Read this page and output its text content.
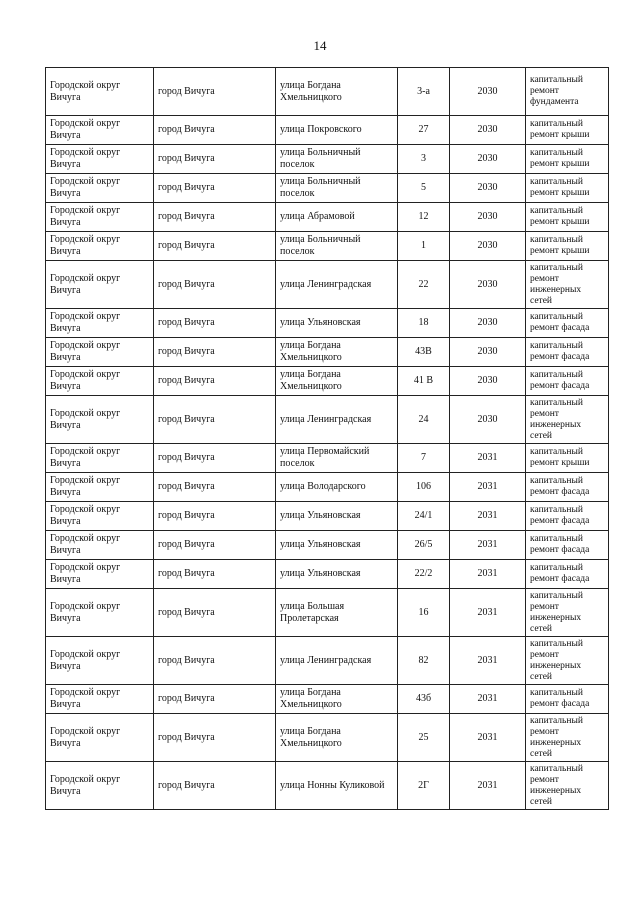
14
Городской округ Вичуга	город Вичуга	улица Богдана Хмельницкого	3-а	2030	капитальный ремонт фундамента
Городской округ Вичуга	город Вичуга	улица Покровского	27	2030	капитальный ремонт крыши
Городской округ Вичуга	город Вичуга	улица Больничный поселок	3	2030	капитальный ремонт крыши
Городской округ Вичуга	город Вичуга	улица Больничный поселок	5	2030	капитальный ремонт крыши
Городской округ Вичуга	город Вичуга	улица Абрамовой	12	2030	капитальный ремонт крыши
Городской округ Вичуга	город Вичуга	улица Больничный поселок	1	2030	капитальный ремонт крыши
Городской округ Вичуга	город Вичуга	улица Ленинградская	22	2030	капитальный ремонт инженерных сетей
Городской округ Вичуга	город Вичуга	улица Ульяновская	18	2030	капитальный ремонт фасада
Городской округ Вичуга	город Вичуга	улица Богдана Хмельницкого	43В	2030	капитальный ремонт фасада
Городской округ Вичуга	город Вичуга	улица Богдана Хмельницкого	41 В	2030	капитальный ремонт фасада
Городской округ Вичуга	город Вичуга	улица Ленинградская	24	2030	капитальный ремонт инженерных сетей
Городской округ Вичуга	город Вичуга	улица Первомайский поселок	7	2031	капитальный ремонт крыши
Городской округ Вичуга	город Вичуга	улица Володарского	106	2031	капитальный ремонт фасада
Городской округ Вичуга	город Вичуга	улица Ульяновская	24/1	2031	капитальный ремонт фасада
Городской округ Вичуга	город Вичуга	улица Ульяновская	26/5	2031	капитальный ремонт фасада
Городской округ Вичуга	город Вичуга	улица Ульяновская	22/2	2031	капитальный ремонт фасада
Городской округ Вичуга	город Вичуга	улица Большая Пролетарская	16	2031	капитальный ремонт инженерных сетей
Городской округ Вичуга	город Вичуга	улица Ленинградская	82	2031	капитальный ремонт инженерных сетей
Городской округ Вичуга	город Вичуга	улица Богдана Хмельницкого	43б	2031	капитальный ремонт фасада
Городской округ Вичуга	город Вичуга	улица Богдана Хмельницкого	25	2031	капитальный ремонт инженерных сетей
Городской округ Вичуга	город Вичуга	улица Нонны Куликовой	2Г	2031	капитальный ремонт инженерных сетей
